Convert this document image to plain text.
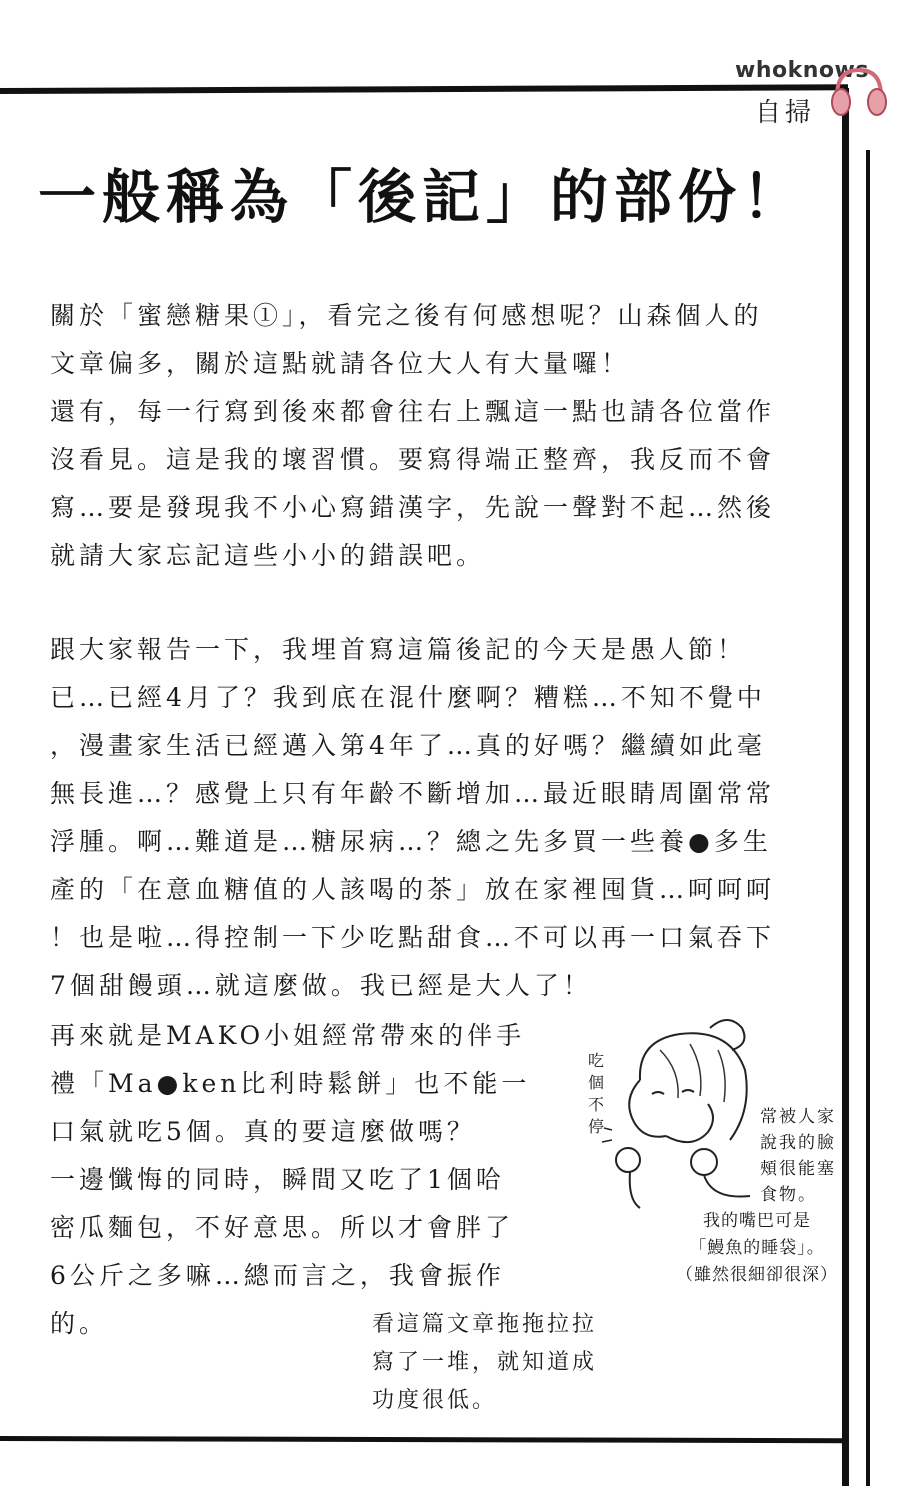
whoknows
自掃
一般稱為「後記」的部份！
關於「蜜戀糖果①」，看完之後有何感想呢？山森個人的
文章偏多，關於這點就請各位大人有大量囉！
還有，每一行寫到後來都會往右上飄這一點也請各位當作
沒看見。這是我的壞習慣。要寫得端正整齊，我反而不會
寫…要是發現我不小心寫錯漢字，先說一聲對不起…然後
就請大家忘記這些小小的錯誤吧。
跟大家報告一下，我埋首寫這篇後記的今天是愚人節！
已…已經4月了？我到底在混什麼啊？糟糕…不知不覺中
，漫畫家生活已經邁入第4年了…真的好嗎？繼續如此毫
無長進…？感覺上只有年齡不斷增加…最近眼睛周圍常常
浮腫。啊…難道是…糖尿病…？總之先多買一些養●多生
產的「在意血糖值的人該喝的茶」放在家裡囤貨…呵呵呵
！也是啦…得控制一下少吃點甜食…不可以再一口氣吞下
7個甜饅頭…就這麼做。我已經是大人了！
再來就是MAKO小姐經常帶來的伴手
禮「Ma●ken比利時鬆餅」也不能一
口氣就吃5個。真的要這麼做嗎？
一邊懺悔的同時，瞬間又吃了1個哈
密瓜麵包，不好意思。所以才會胖了
6公斤之多嘛…總而言之，我會振作
的。
吃個不停	常被人家
說我的臉
頰很能塞
食物。
我的嘴巴可是
「鰻魚的睡袋」。
（雖然很細卻很深）
看這篇文章拖拖拉拉
寫了一堆，就知道成
功度很低。
